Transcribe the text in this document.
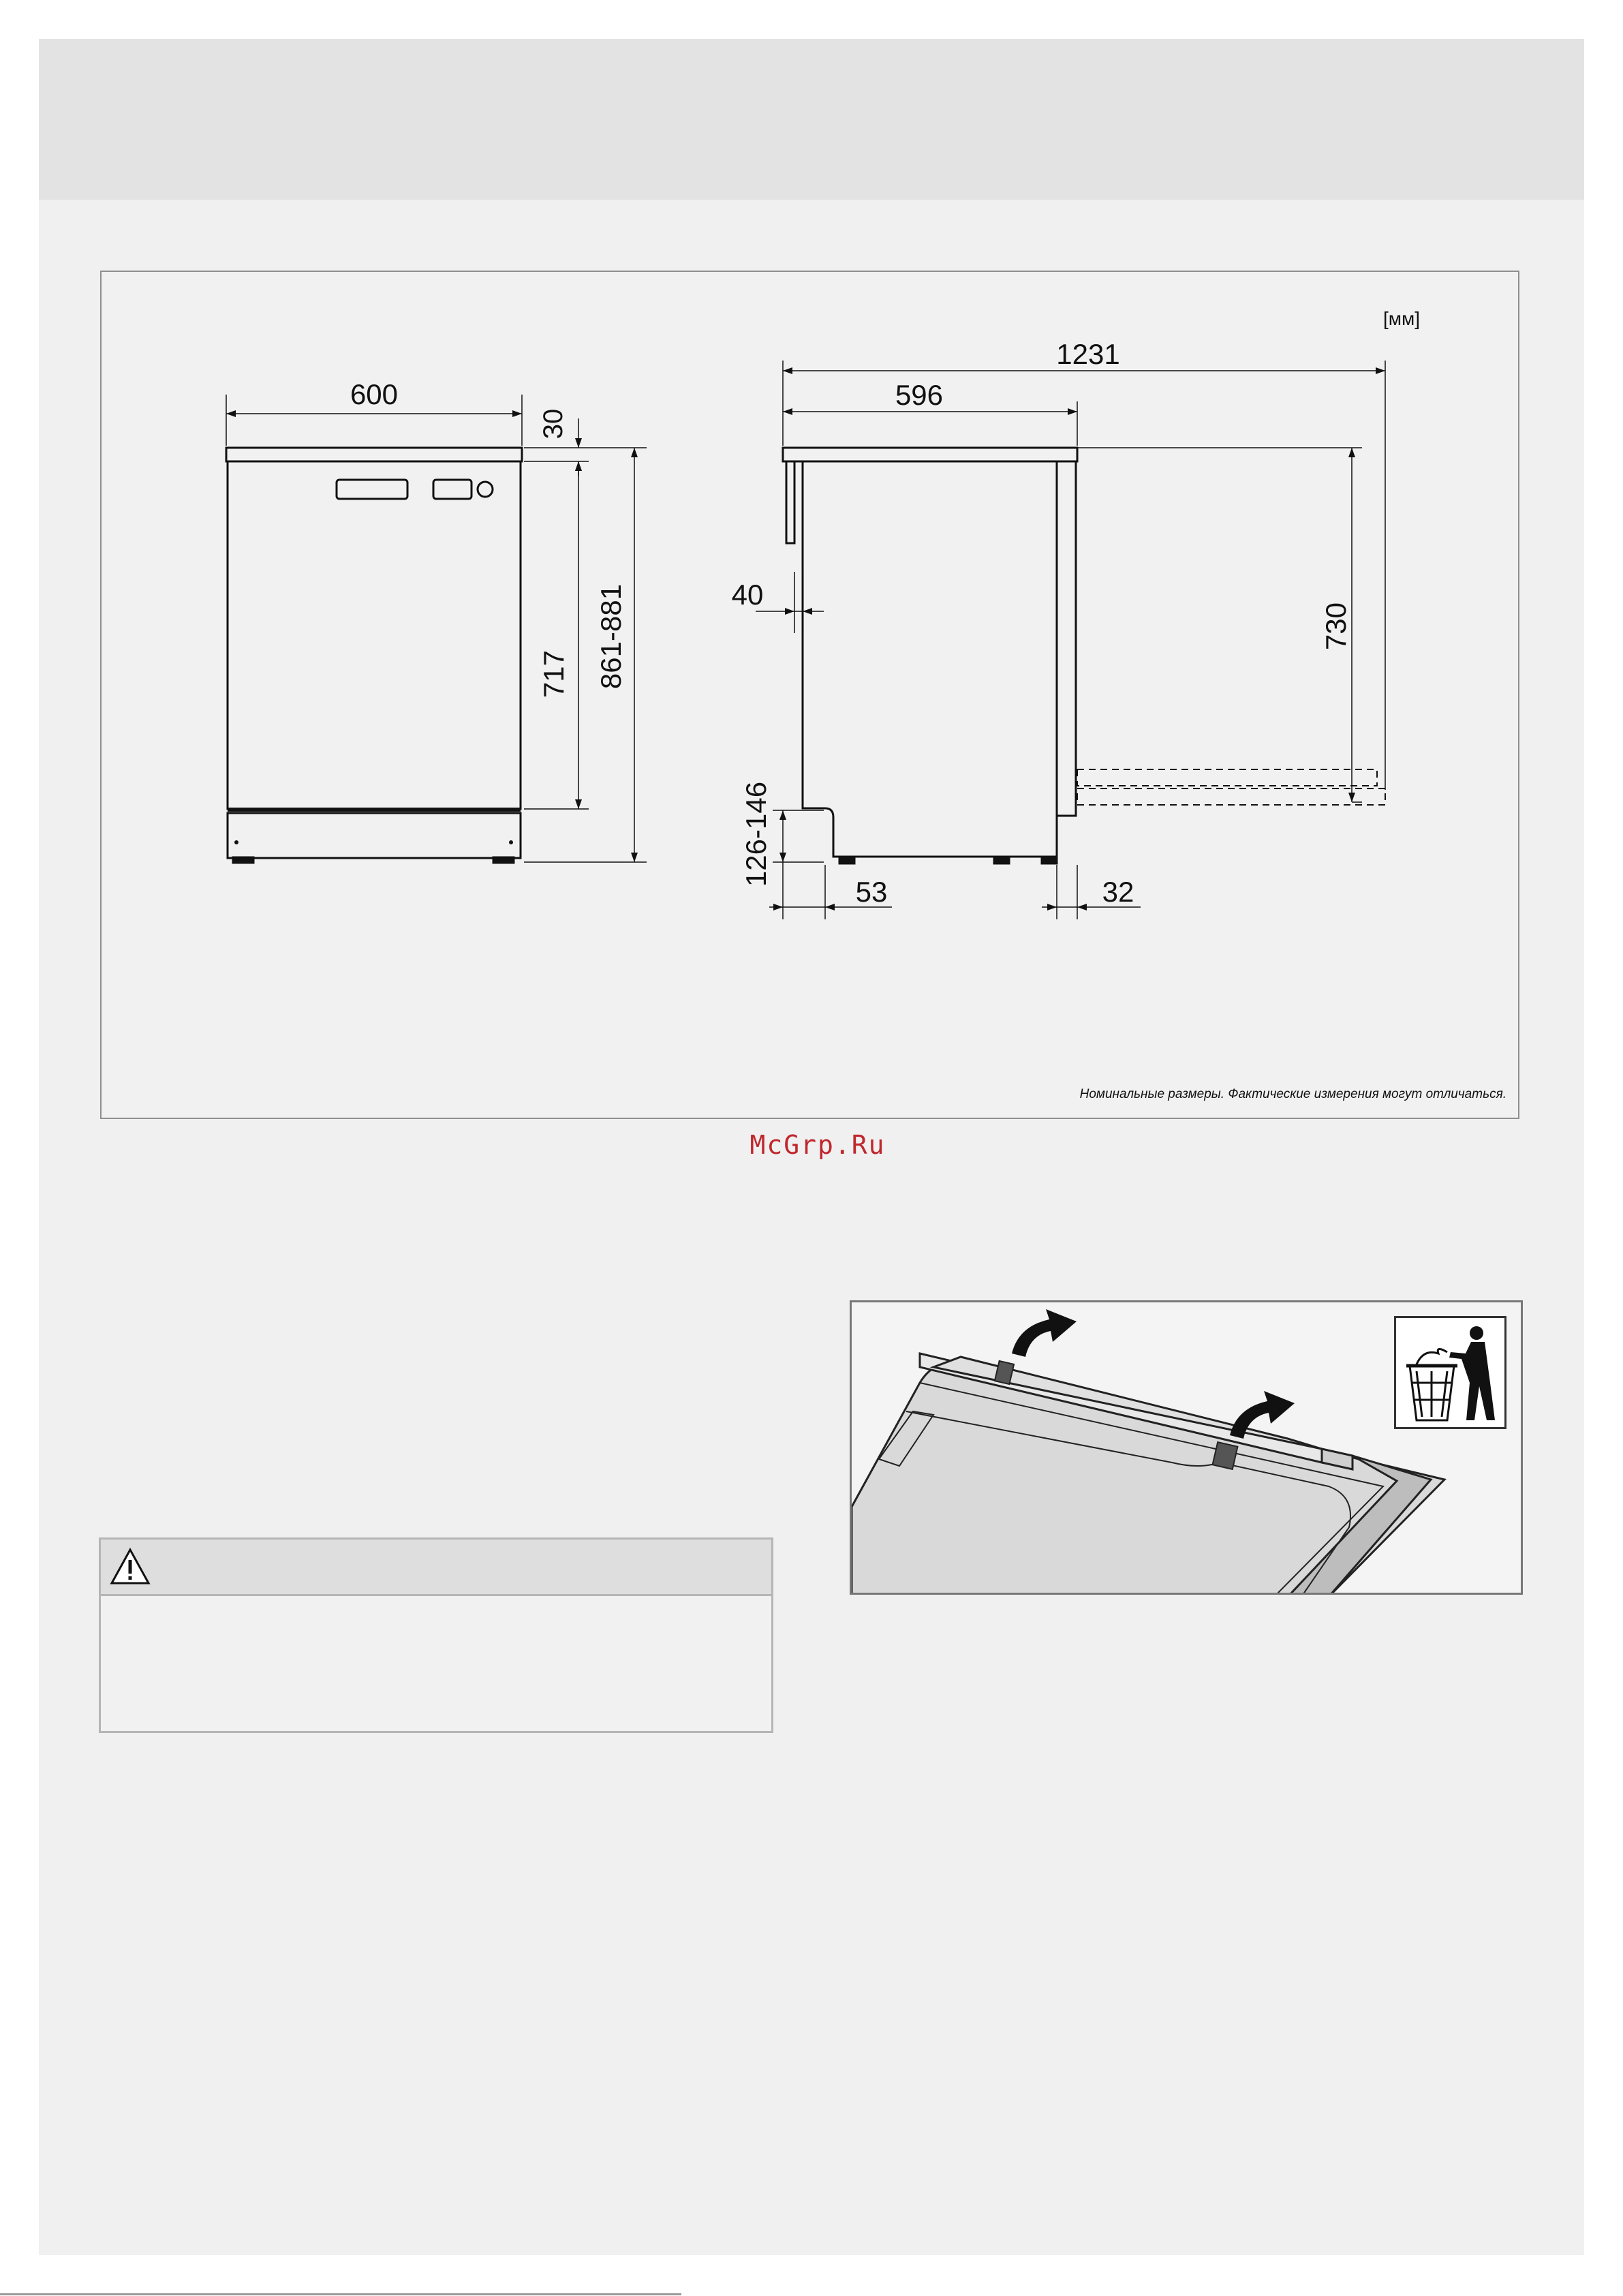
600
30
717 861-881
[мм]
1231
596
730
40
126-146
53	32
Номинальные размеры. Фактические измерения могут отличаться.
McGrp.Ru
